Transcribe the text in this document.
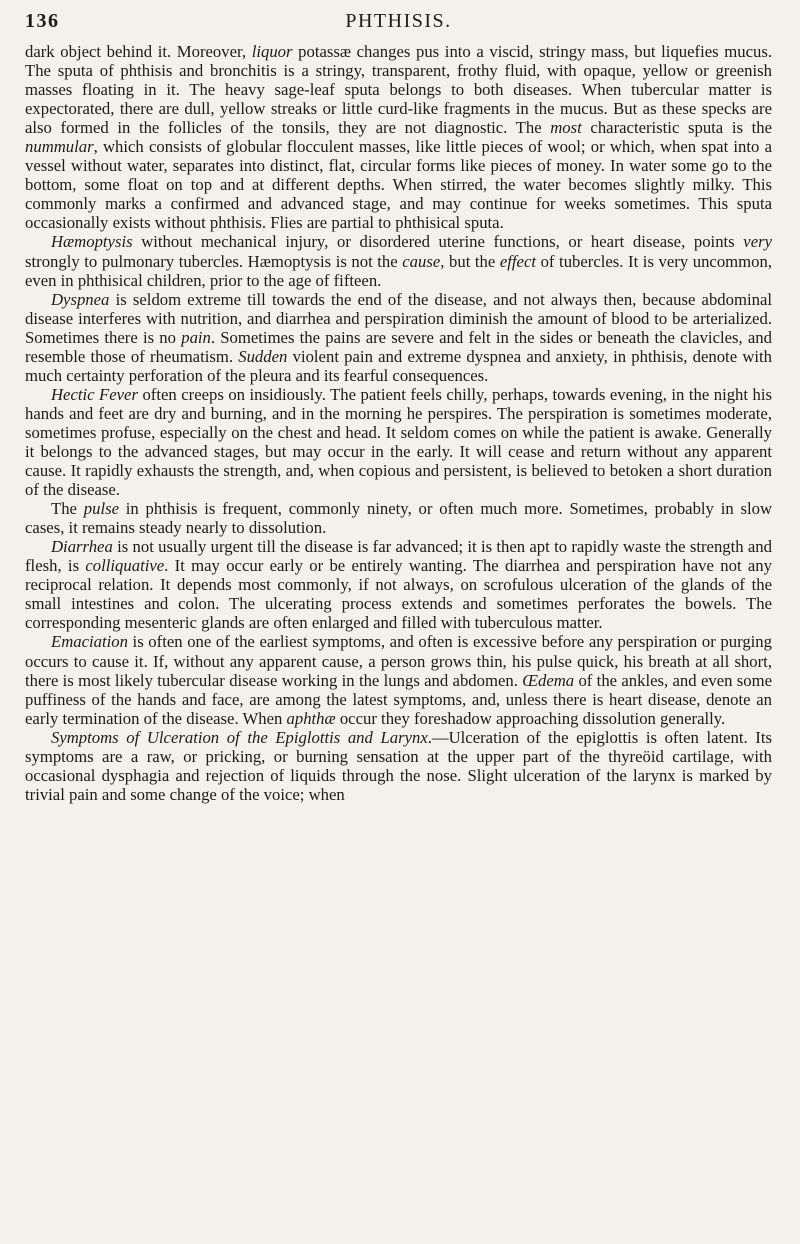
136	PHTHISIS.

dark object behind it. Moreover, liquor potassæ changes pus into a viscid, stringy mass, but liquefies mucus. The sputa of phthisis and bronchitis is a stringy, transparent, frothy fluid, with opaque, yellow or greenish masses floating in it. The heavy sage-leaf sputa belongs to both diseases. When tubercular matter is expectorated, there are dull, yellow streaks or little curd-like fragments in the mucus. But as these specks are also formed in the follicles of the tonsils, they are not diagnostic. The most characteristic sputa is the nummular, which consists of globular flocculent masses, like little pieces of wool; or which, when spat into a vessel without water, separates into distinct, flat, circular forms like pieces of money. In water some go to the bottom, some float on top and at different depths. When stirred, the water becomes slightly milky. This commonly marks a confirmed and advanced stage, and may continue for weeks sometimes. This sputa occasionally exists without phthisis. Flies are partial to phthisical sputa.

Hæmoptysis without mechanical injury, or disordered uterine functions, or heart disease, points very strongly to pulmonary tubercles. Hæmoptysis is not the cause, but the effect of tubercles. It is very uncommon, even in phthisical children, prior to the age of fifteen.

Dyspnea is seldom extreme till towards the end of the disease, and not always then, because abdominal disease interferes with nutrition, and diarrhea and perspiration diminish the amount of blood to be arterialized. Sometimes there is no pain. Sometimes the pains are severe and felt in the sides or beneath the clavicles, and resemble those of rheumatism. Sudden violent pain and extreme dyspnea and anxiety, in phthisis, denote with much certainty perforation of the pleura and its fearful consequences.

Hectic Fever often creeps on insidiously. The patient feels chilly, perhaps, towards evening, in the night his hands and feet are dry and burning, and in the morning he perspires. The perspiration is sometimes moderate, sometimes profuse, especially on the chest and head. It seldom comes on while the patient is awake. Generally it belongs to the advanced stages, but may occur in the early. It will cease and return without any apparent cause. It rapidly exhausts the strength, and, when copious and persistent, is believed to betoken a short duration of the disease.

The pulse in phthisis is frequent, commonly ninety, or often much more. Sometimes, probably in slow cases, it remains steady nearly to dissolution.

Diarrhea is not usually urgent till the disease is far advanced; it is then apt to rapidly waste the strength and flesh, is colliquative. It may occur early or be entirely wanting. The diarrhea and perspiration have not any reciprocal relation. It depends most commonly, if not always, on scrofulous ulceration of the glands of the small intestines and colon. The ulcerating process extends and sometimes perforates the bowels. The corresponding mesenteric glands are often enlarged and filled with tuberculous matter.

Emaciation is often one of the earliest symptoms, and often is excessive before any perspiration or purging occurs to cause it. If, without any apparent cause, a person grows thin, his pulse quick, his breath at all short, there is most likely tubercular disease working in the lungs and abdomen. Œdema of the ankles, and even some puffiness of the hands and face, are among the latest symptoms, and, unless there is heart disease, denote an early termination of the disease. When aphthæ occur they foreshadow approaching dissolution generally.

Symptoms of Ulceration of the Epiglottis and Larynx.—Ulceration of the epiglottis is often latent. Its symptoms are a raw, or pricking, or burning sensation at the upper part of the thyreöid cartilage, with occasional dysphagia and rejection of liquids through the nose. Slight ulceration of the larynx is marked by trivial pain and some change of the voice; when
